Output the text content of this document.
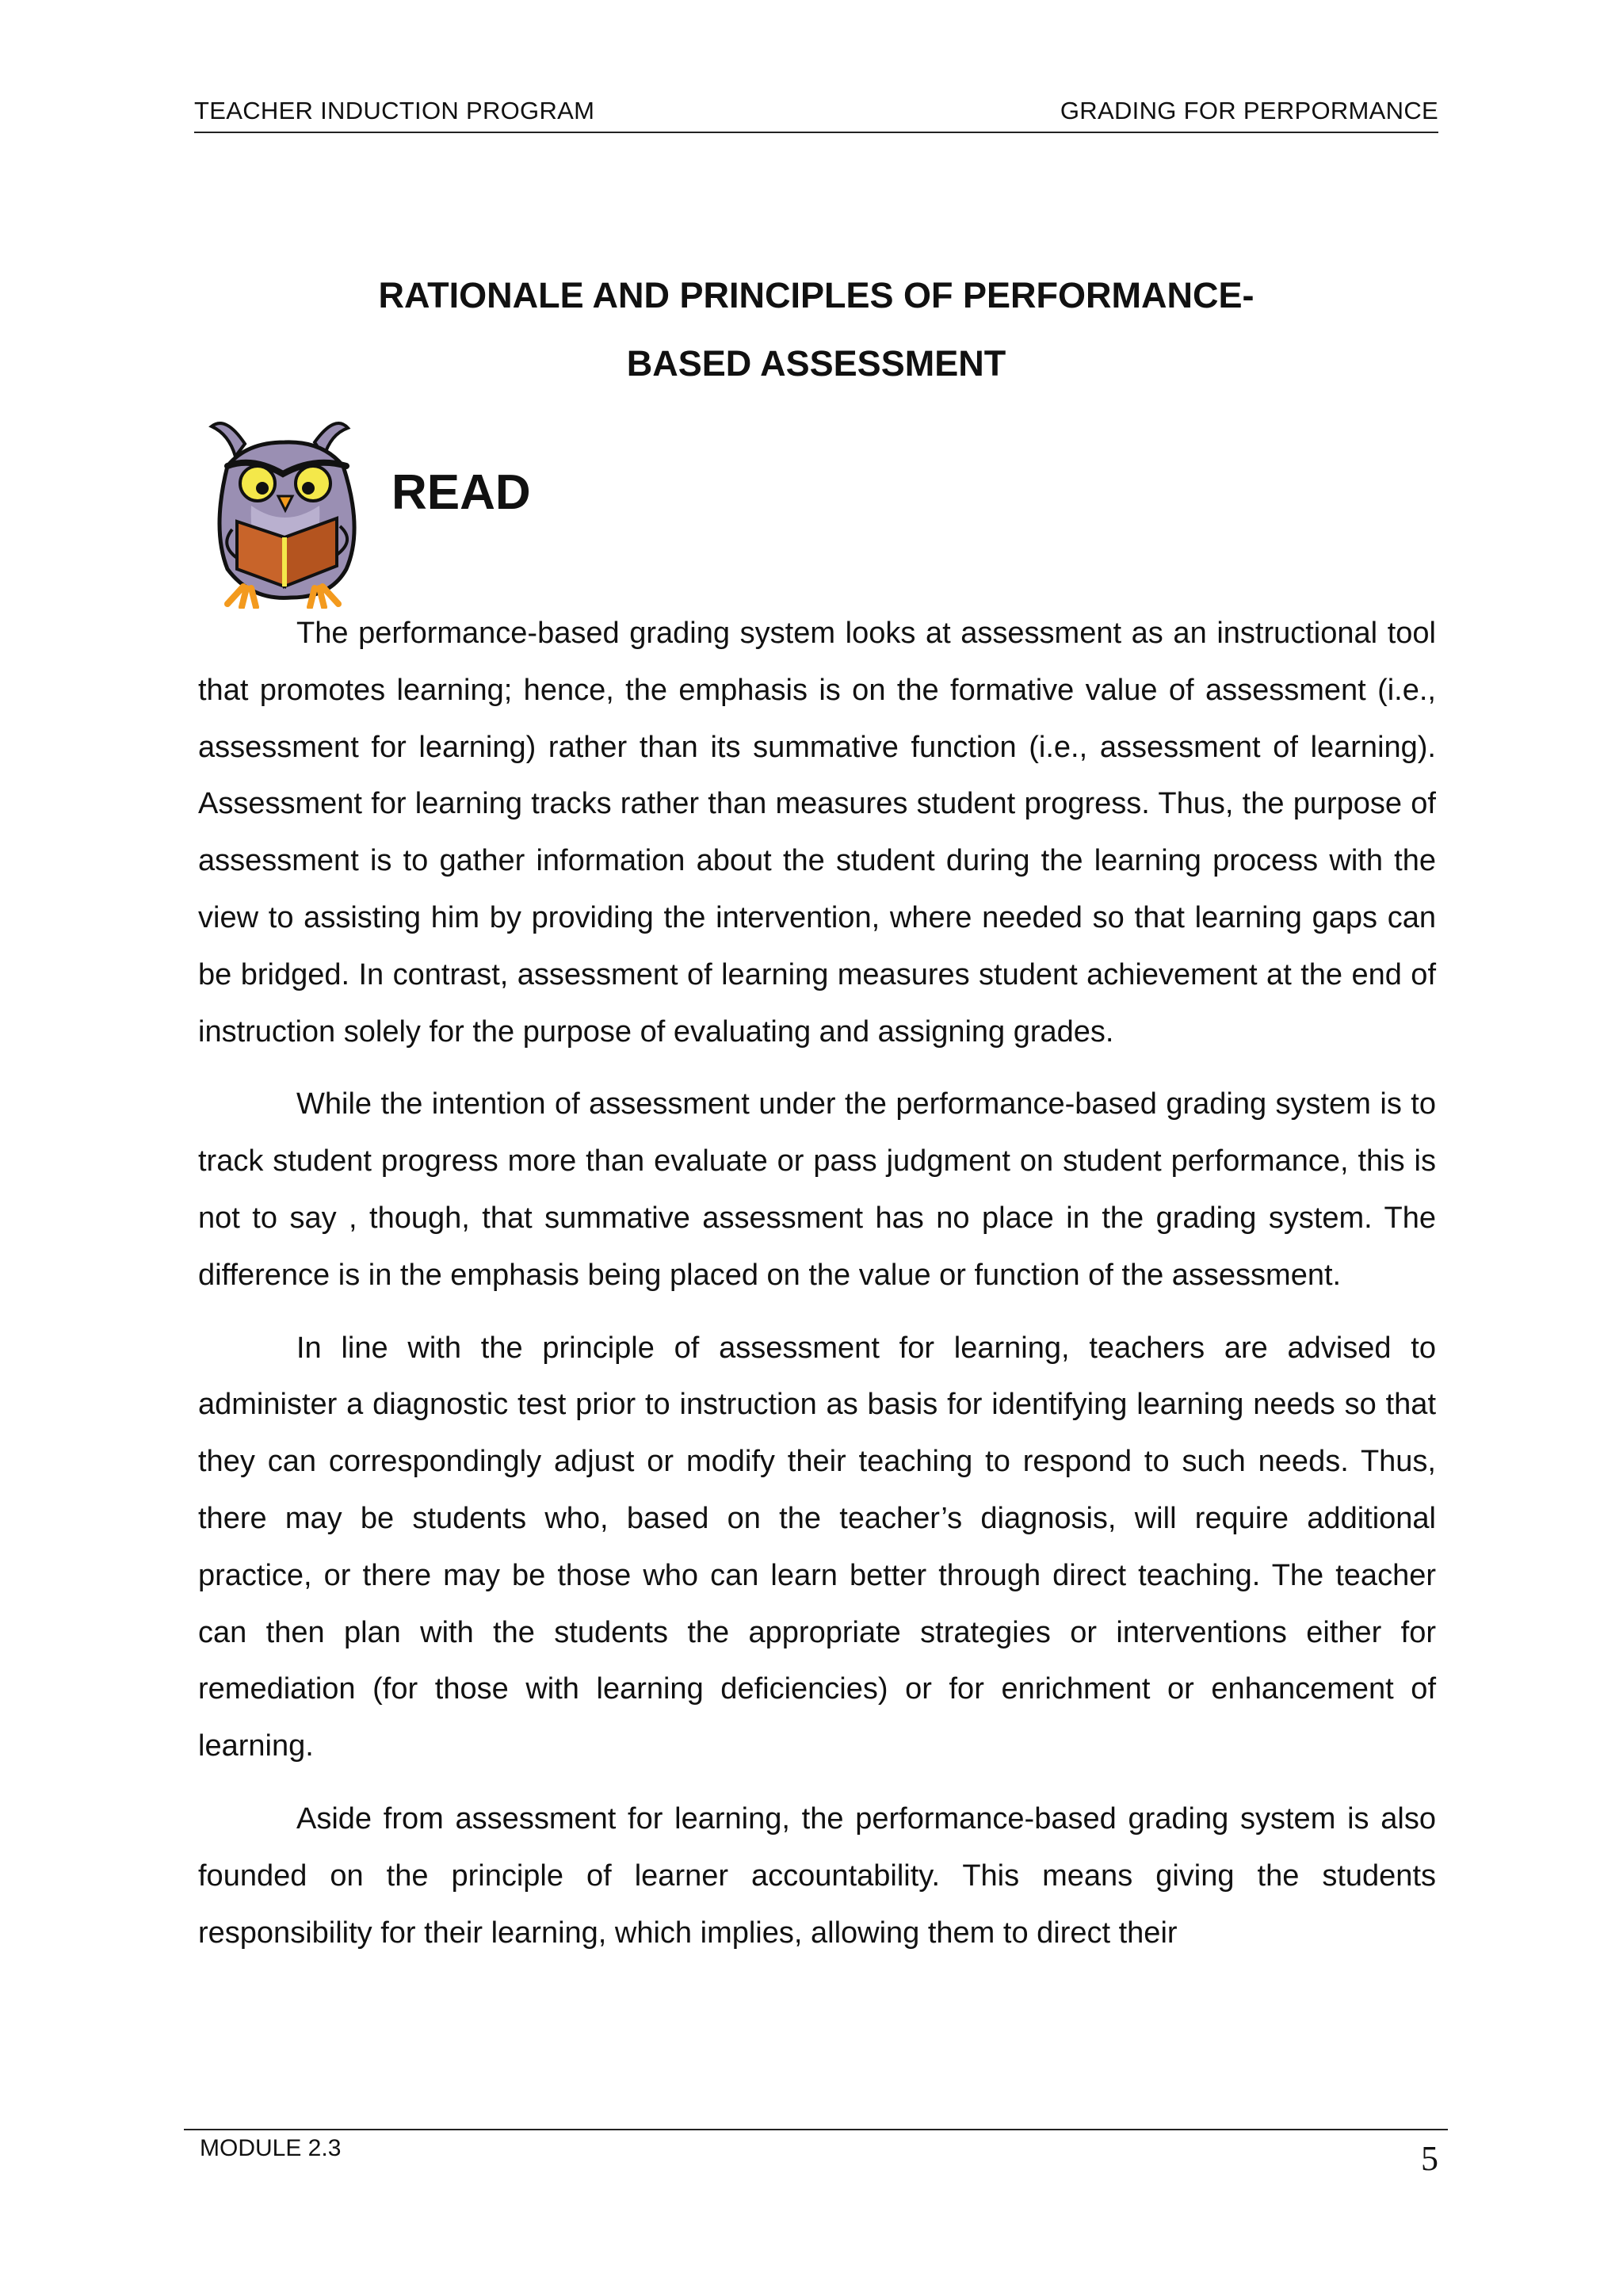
TEACHER INDUCTION PROGRAM	GRADING FOR PERPORMANCE
RATIONALE AND PRINCIPLES OF PERFORMANCE-
BASED ASSESSMENT
READ

The performance-based grading system looks at assessment as an instructional tool that promotes learning; hence, the emphasis is on the formative value of assessment (i.e., assessment for learning) rather than its summative function (i.e., assessment of learning). Assessment for learning tracks rather than measures student progress. Thus, the purpose of assessment is to gather information about the student during the learning process with the view to assisting him by providing the intervention, where needed so that learning gaps can be bridged. In contrast, assessment of learning measures student achievement at the end of instruction solely for the purpose of evaluating and assigning grades.

While the intention of assessment under the performance-based grading system is to track student progress more than evaluate or pass judgment on student performance, this is not to say , though, that summative assessment has no place in the grading system. The difference is in the emphasis being placed on the value or function of the assessment.

In line with the principle of assessment for learning, teachers are advised to administer a diagnostic test prior to instruction as basis for identifying learning needs so that they can correspondingly adjust or modify their teaching to respond to such needs. Thus, there may be students who, based on the teacher’s diagnosis, will require additional practice, or there may be those who can learn better through direct teaching. The teacher can then plan with the students the appropriate strategies or interventions either for remediation (for those with learning deficiencies) or for enrichment or enhancement of learning.

Aside from assessment for learning, the performance-based grading system is also founded on the principle of learner accountability. This means giving the students responsibility for their learning, which implies, allowing them to direct their

MODULE 2.3	5
